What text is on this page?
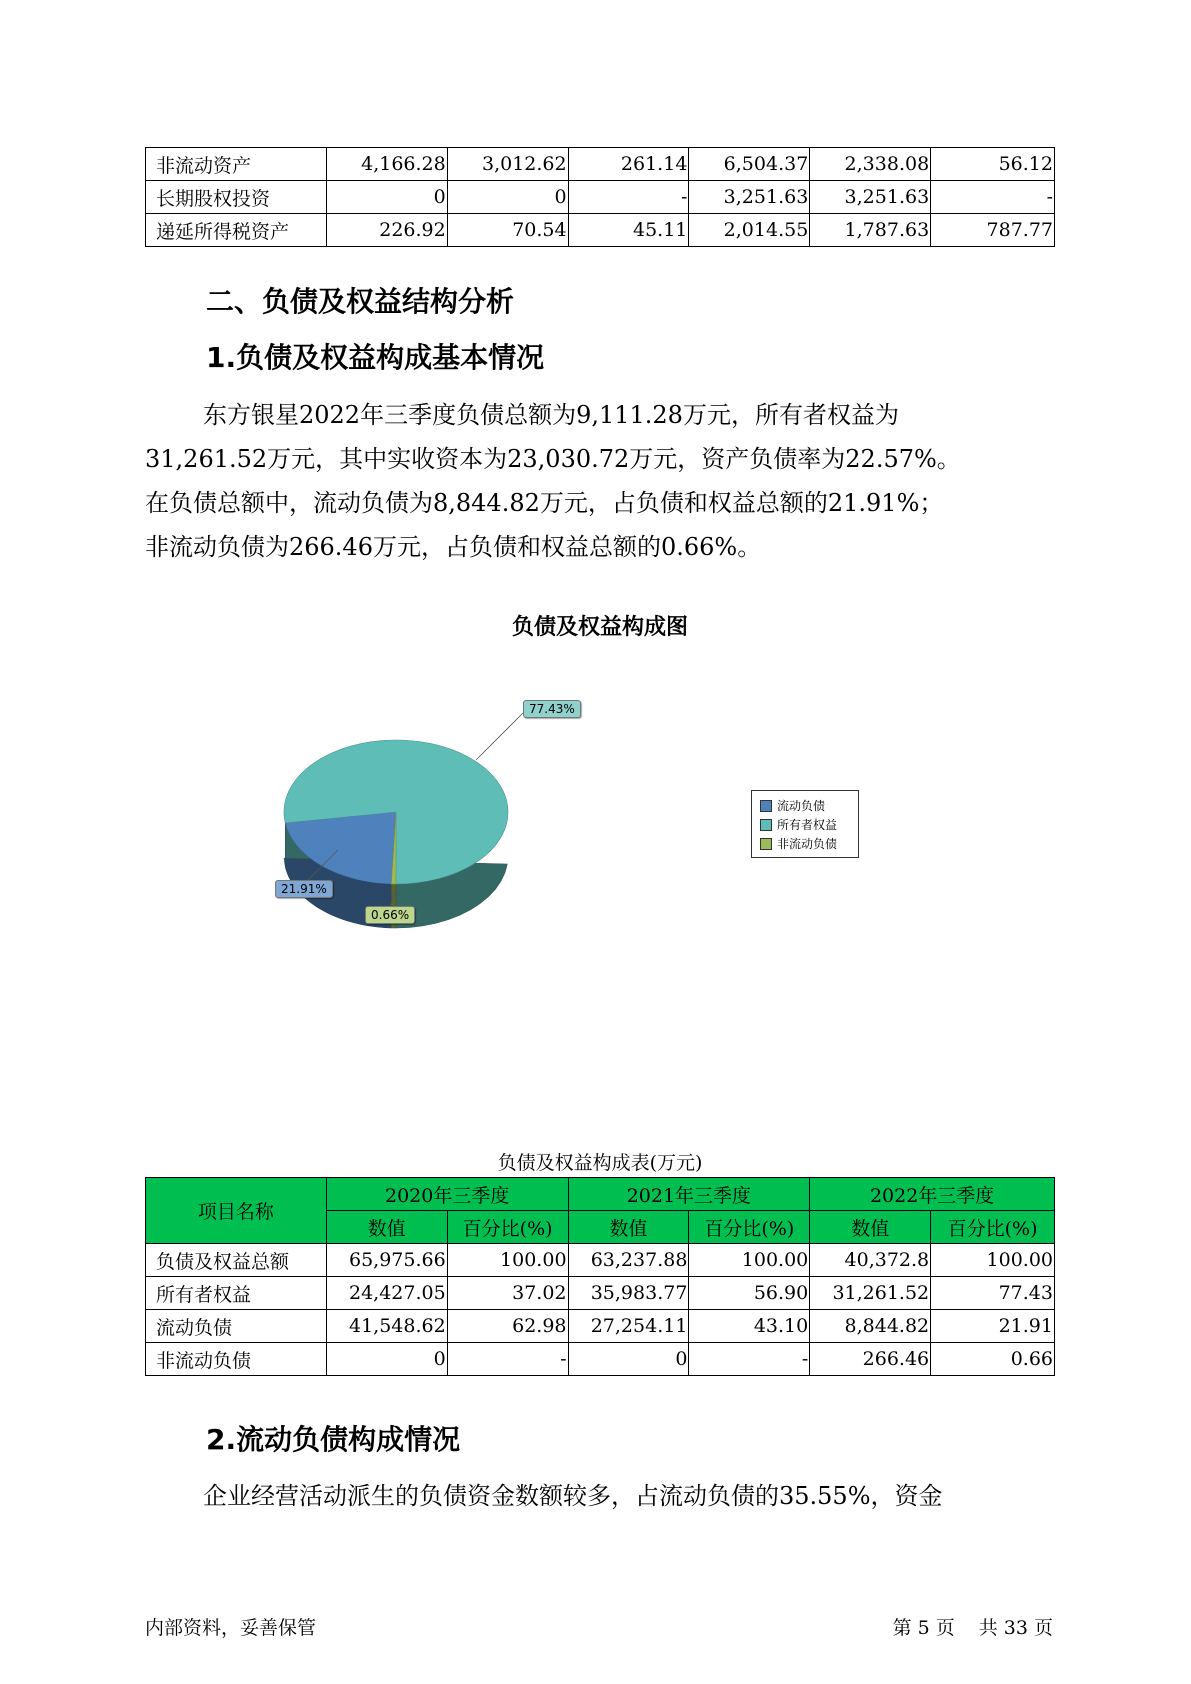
非流动资产	4,166.28	3,012.62	261.14	6,504.37	2,338.08	56.12
长期股权投资	0	0	-	3,251.63	3,251.63	-
递延所得税资产	226.92	70.54	45.11	2,014.55	1,787.63	787.77
二、负债及权益结构分析
1.负债及权益构成基本情况
东方银星2022年三季度负债总额为9,111.28万元，所有者权益为
31,261.52万元，其中实收资本为23,030.72万元，资产负债率为22.57%。
在负债总额中，流动负债为8,844.82万元，占负债和权益总额的21.91%；
非流动负债为266.46万元，占负债和权益总额的0.66%。
负债及权益构成图
77.43%
21.91%
0.66%
流动负债
所有者权益
非流动负债
负债及权益构成表(万元)
项目名称	2020年三季度		2021年三季度		2022年三季度	
	数值	百分比(%)	数值	百分比(%)	数值	百分比(%)
负债及权益总额	65,975.66	100.00	63,237.88	100.00	40,372.8	100.00
所有者权益	24,427.05	37.02	35,983.77	56.90	31,261.52	77.43
流动负债	41,548.62	62.98	27,254.11	43.10	8,844.82	21.91
非流动负债	0	-	0	-	266.46	0.66
2.流动负债构成情况
企业经营活动派生的负债资金数额较多，占流动负债的35.55%，资金
内部资料，妥善保管	第 5 页 共 33 页
